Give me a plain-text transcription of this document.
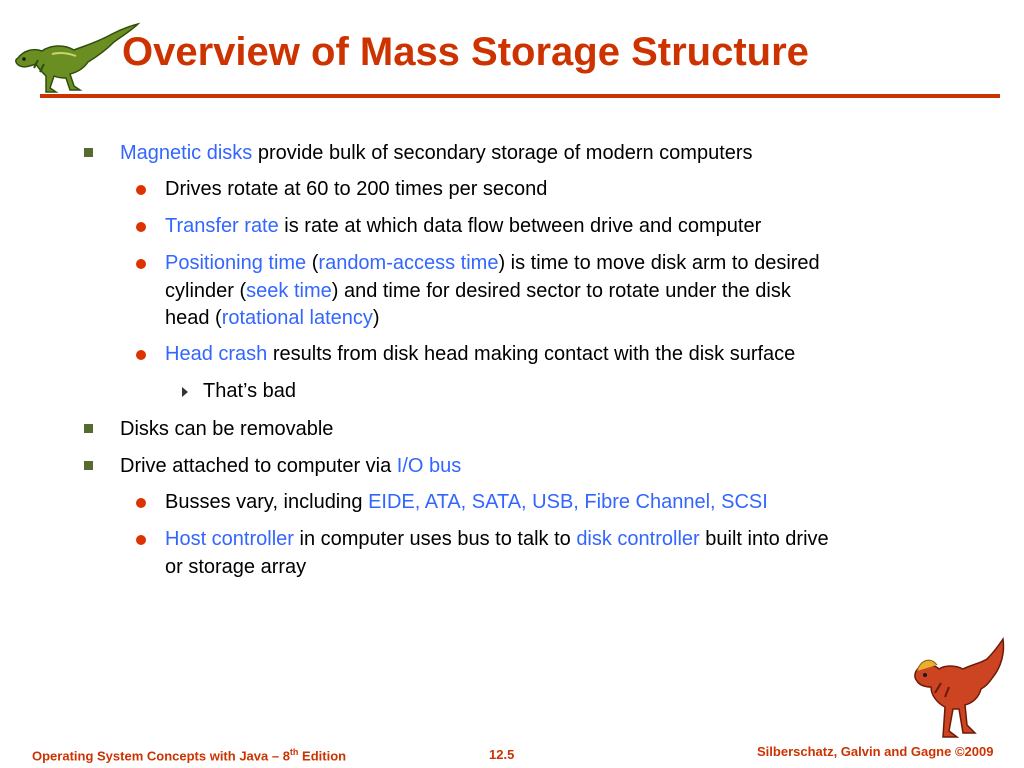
Overview of Mass Storage Structure
Magnetic disks provide bulk of secondary storage of modern computers
Drives rotate at 60 to 200 times per second
Transfer rate is rate at which data flow between drive and computer
Positioning time (random-access time) is time to move disk arm to desired
cylinder (seek time) and time for desired sector to rotate under the disk
head (rotational latency)
Head crash results from disk head making contact with the disk surface
That’s bad
Disks can be removable
Drive attached to computer via I/O bus
Busses vary, including EIDE, ATA, SATA, USB, Fibre Channel, SCSI
Host controller in computer uses bus to talk to disk controller built into drive
or storage array
Operating System Concepts with Java – 8th Edition	12.5	Silberschatz, Galvin and Gagne ©2009
